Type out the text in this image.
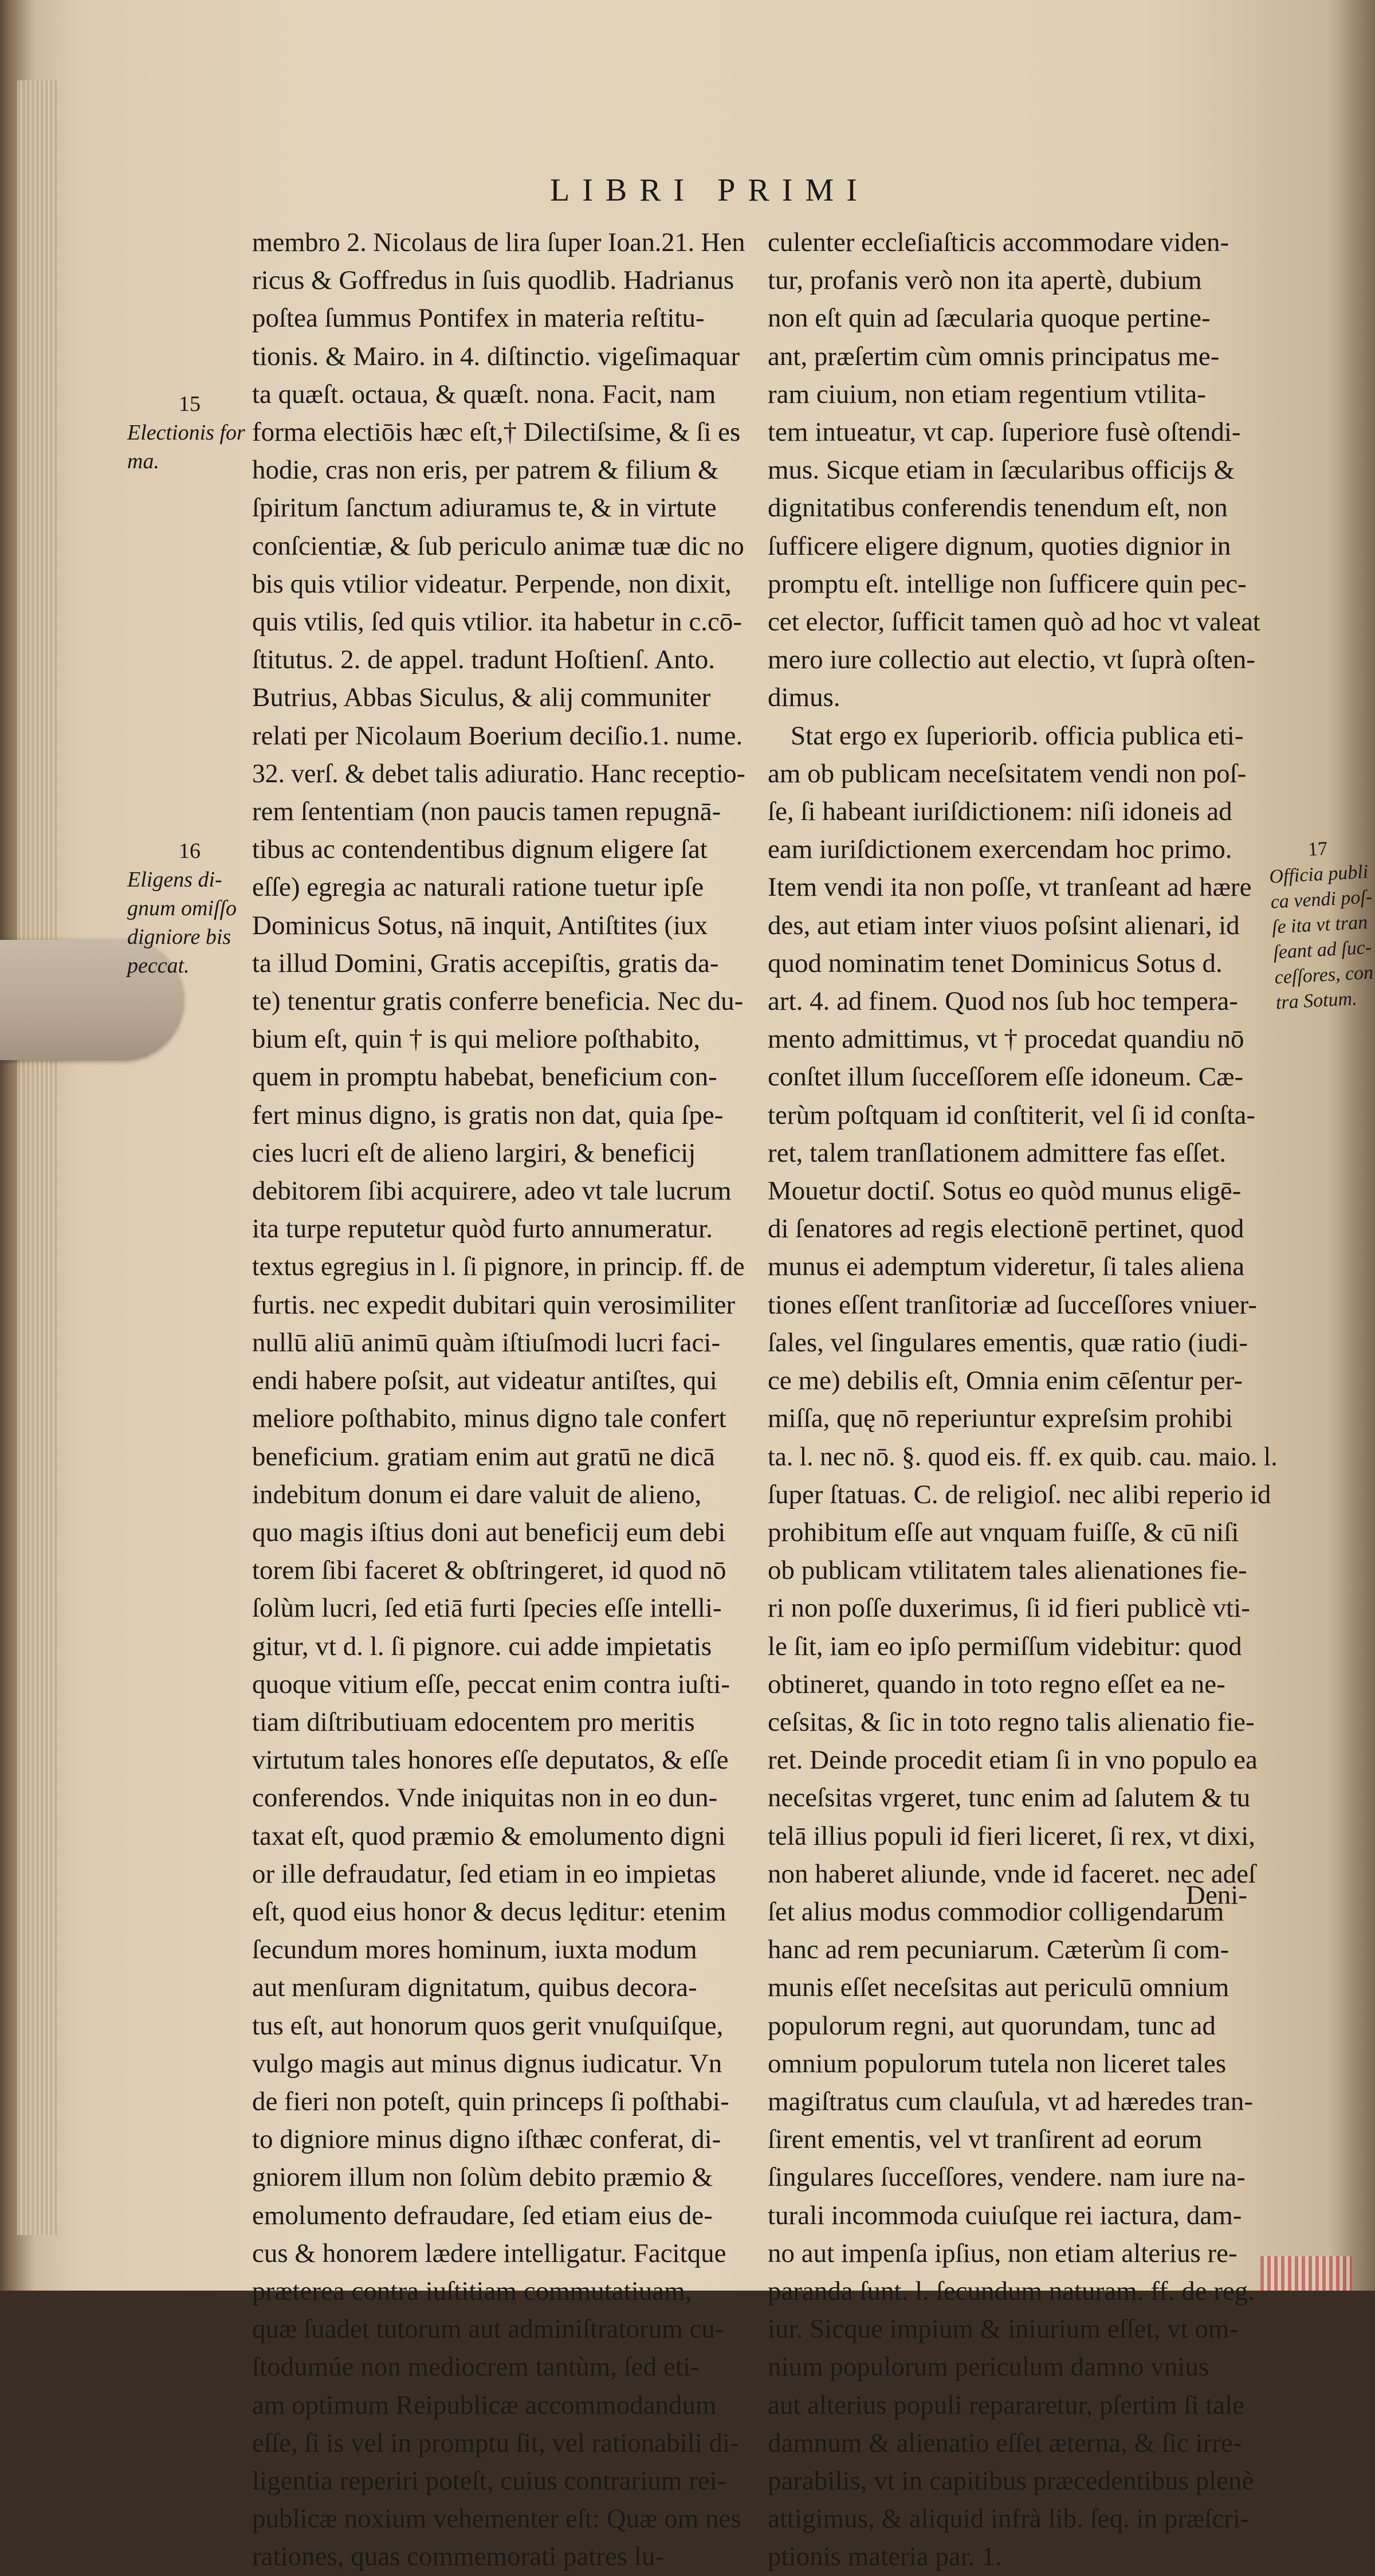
LIBRI PRIMI
membro 2. Nicolaus de lira ſuper Ioan.21. Hen
ricus & Goffredus in ſuis quodlib. Hadrianus
poſtea ſummus Pontifex in materia reſtitu-
tionis. & Mairo. in 4. diſtinctio. vigeſimaquar
ta quæſt. octaua, & quæſt. nona. Facit, nam
forma electiōis hæc eſt,† Dilectiſsime, & ſi es
hodie, cras non eris, per patrem & filium &
ſpiritum ſanctum adiuramus te, & in virtute
conſcientiæ, & ſub periculo animæ tuæ dic no
bis quis vtilior videatur. Perpende, non dixit,
quis vtilis, ſed quis vtilior. ita habetur in c.cō-
ſtitutus. 2. de appel. tradunt Hoſtienſ. Anto.
Butrius, Abbas Siculus, & alij communiter
relati per Nicolaum Boerium deciſio.1. nume.
32. verſ. & debet talis adiuratio. Hanc receptio-
rem ſententiam (non paucis tamen repugnā-
tibus ac contendentibus dignum eligere ſat
eſſe) egregia ac naturali ratione tuetur ipſe
Dominicus Sotus, nā inquit, Antiſtites (iux
ta illud Domini, Gratis accepiſtis, gratis da-
te) tenentur gratis conferre beneficia. Nec du-
bium eſt, quin † is qui meliore poſthabito,
quem in promptu habebat, beneficium con-
fert minus digno, is gratis non dat, quia ſpe-
cies lucri eſt de alieno largiri, & beneficij
debitorem ſibi acquirere, adeo vt tale lucrum
ita turpe reputetur quòd furto annumeratur.
textus egregius in l. ſi pignore, in princip. ff. de
furtis. nec expedit dubitari quin verosimiliter
nullū aliū animū quàm iſtiuſmodi lucri faci-
endi habere poſsit, aut videatur antiſtes, qui
meliore poſthabito, minus digno tale confert
beneficium. gratiam enim aut gratū ne dicā
indebitum donum ei dare valuit de alieno,
quo magis iſtius doni aut beneficij eum debi
torem ſibi faceret & obſtringeret, id quod nō
ſolùm lucri, ſed etiā furti ſpecies eſſe intelli-
gitur, vt d. l. ſi pignore. cui adde impietatis
quoque vitium eſſe, peccat enim contra iuſti-
tiam diſtributiuam edocentem pro meritis
virtutum tales honores eſſe deputatos, & eſſe
conferendos. Vnde iniquitas non in eo dun-
taxat eſt, quod præmio & emolumento digni
or ille defraudatur, ſed etiam in eo impietas
eſt, quod eius honor & decus lęditur: etenim
ſecundum mores hominum, iuxta modum
aut menſuram dignitatum, quibus decora-
tus eſt, aut honorum quos gerit vnuſquiſque,
vulgo magis aut minus dignus iudicatur. Vn
de fieri non poteſt, quin princeps ſi poſthabi-
to digniore minus digno iſthæc conferat, di-
gniorem illum non ſolùm debito præmio &
emolumento defraudare, ſed etiam eius de-
cus & honorem lædere intelligatur. Facitque
præterea contra iuſtitiam commutatiuam,
quæ ſuadet tutorum aut adminiſtratorum cu-
ſtodumúe non mediocrem tantùm, ſed eti-
am optimum Reipublicæ accommodandum
eſſe, ſi is vel in promptu ſit, vel rationabili di-
ligentia reperiri poteſt, cuius contrarium rei-
publicæ noxium vehementer eſt: Quæ om nes
rationes, quas commemorati patres lu-
culenter eccleſiaſticis accommodare viden-
tur, profanis verò non ita apertè, dubium
non eſt quin ad ſæcularia quoque pertine-
ant, præſertim cùm omnis principatus me-
ram ciuium, non etiam regentium vtilita-
tem intueatur, vt cap. ſuperiore fusè oſtendi-
mus. Sicque etiam in ſæcularibus officijs &
dignitatibus conferendis tenendum eſt, non
ſufficere eligere dignum, quoties dignior in
promptu eſt. intellige non ſufficere quin pec-
cet elector, ſufficit tamen quò ad hoc vt valeat
mero iure collectio aut electio, vt ſuprà oſten-
dimus.
Stat ergo ex ſuperiorib. officia publica eti-
am ob publicam neceſsitatem vendi non poſ-
ſe, ſi habeant iuriſdictionem: niſi idoneis ad
eam iuriſdictionem exercendam hoc primo.
Item vendi ita non poſſe, vt tranſeant ad hære
des, aut etiam inter viuos poſsint alienari, id
quod nominatim tenet Dominicus Sotus d.
art. 4. ad finem. Quod nos ſub hoc tempera-
mento admittimus, vt † procedat quandiu nō
conſtet illum ſucceſſorem eſſe idoneum. Cæ-
terùm poſtquam id conſtiterit, vel ſi id conſta-
ret, talem tranſlationem admittere fas eſſet.
Mouetur doctiſ. Sotus eo quòd munus eligē-
di ſenatores ad regis electionē pertinet, quod
munus ei ademptum videretur, ſi tales aliena
tiones eſſent tranſitoriæ ad ſucceſſores vniuer-
ſales, vel ſingulares ementis, quæ ratio (iudi-
ce me) debilis eſt, Omnia enim cēſentur per-
miſſa, quę nō reperiuntur expreſsim prohibi
ta. l. nec nō. §. quod eis. ff. ex quib. cau. maio. l.
ſuper ſtatuas. C. de religioſ. nec alibi reperio id
prohibitum eſſe aut vnquam fuiſſe, & cū niſi
ob publicam vtilitatem tales alienationes fie-
ri non poſſe duxerimus, ſi id fieri publicè vti-
le ſit, iam eo ipſo permiſſum videbitur: quod
obtineret, quando in toto regno eſſet ea ne-
ceſsitas, & ſic in toto regno talis alienatio fie-
ret. Deinde procedit etiam ſi in vno populo ea
neceſsitas vrgeret, tunc enim ad ſalutem & tu
telā illius populi id fieri liceret, ſi rex, vt dixi,
non haberet aliunde, vnde id faceret. nec adeſ
ſet alius modus commodior colligendarum
hanc ad rem pecuniarum. Cæterùm ſi com-
munis eſſet neceſsitas aut periculū omnium
populorum regni, aut quorundam, tunc ad
omnium populorum tutela non liceret tales
magiſtratus cum clauſula, vt ad hæredes tran-
ſirent ementis, vel vt tranſirent ad eorum
ſingulares ſucceſſores, vendere. nam iure na-
turali incommoda cuiuſque rei iactura, dam-
no aut impenſa ipſius, non etiam alterius re-
paranda ſunt. l. ſecundum naturam. ff. de reg.
iur. Sicque impium & iniurium eſſet, vt om-
nium populorum periculum damno vnius
aut alterius populi repararetur, pſertim ſi tale
damnum & alienatio eſſet æterna, & ſic irre-
parabilis, vt in capitibus præcedentibus plenè
attigimus, & aliquid infrà lib. ſeq. in præſcri-
ptionis materia par. 1.
15
Electionis for
ma.
16
Eligens di-
gnum omiſſo
digniore bis
peccat.
17
Officia publi
ca vendi poſ-
ſe ita vt tran
ſeant ad ſuc-
ceſſores, con
tra Sotum.
Deni-
